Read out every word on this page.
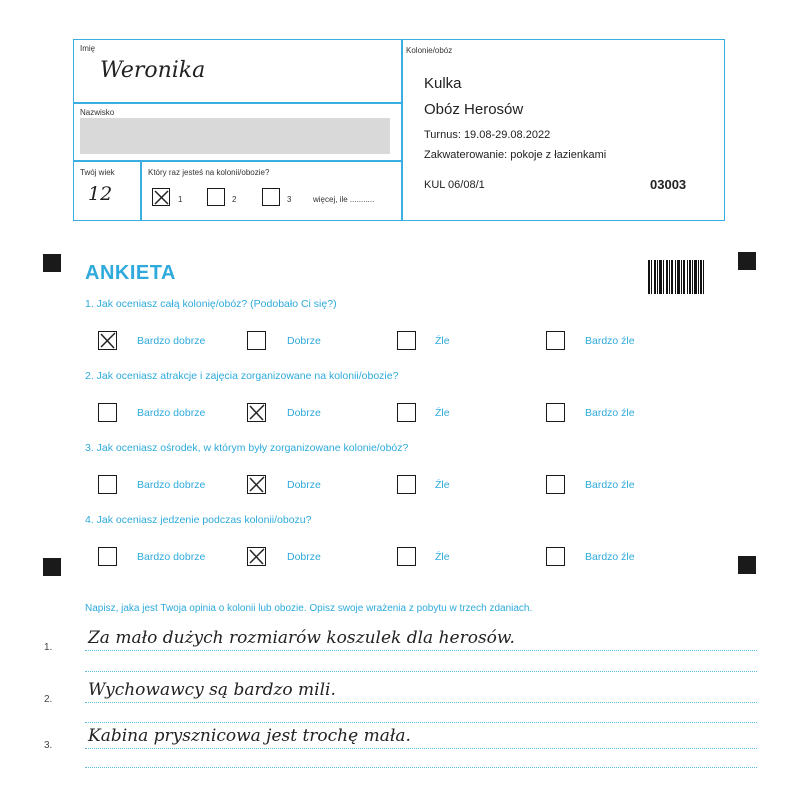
Imię
Weronika
Nazwisko
Twój wiek
12
Który raz jesteś na kolonii/obozie?
1	2	3	więcej, ile ...........
Kolonie/obóz
Kulka
Obóz Herosów
Turnus: 19.08-29.08.2022
Zakwaterowanie: pokoje z łazienkami
KUL 06/08/1	03003
ANKIETA
1. Jak oceniasz całą kolonię/obóz? (Podobało Ci się?)
Bardzo dobrze	Dobrze	Źle	Bardzo źle
2. Jak oceniasz atrakcje i zajęcia zorganizowane na kolonii/obozie?
Bardzo dobrze	Dobrze	Źle	Bardzo źle
3. Jak oceniasz ośrodek, w którym były zorganizowane kolonie/obóz?
Bardzo dobrze	Dobrze	Źle	Bardzo źle
4. Jak oceniasz jedzenie podczas kolonii/obozu?
Bardzo dobrze	Dobrze	Źle	Bardzo źle
Napisz, jaka jest Twoja opinia o kolonii lub obozie. Opisz swoje wrażenia z pobytu w trzech zdaniach.
1. Za mało dużych rozmiarów koszulek dla herosów.
2. Wychowawcy są bardzo mili.
3. Kabina prysznicowa jest trochę mała.
